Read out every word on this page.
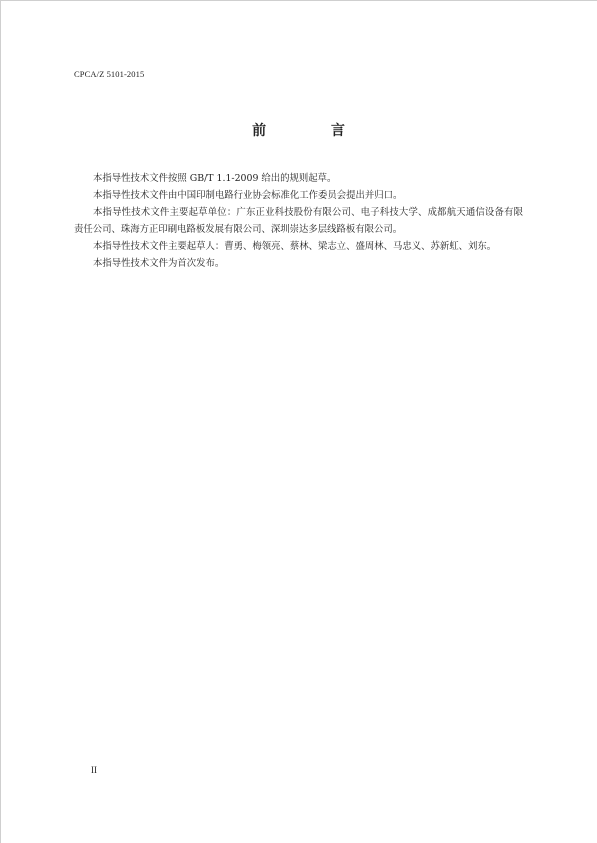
CPCA/Z 5101-2015
前 言

本指导性技术文件按照 GB/T 1.1-2009 给出的规则起草。

本指导性技术文件由中国印制电路行业协会标准化工作委员会提出并归口。

本指导性技术文件主要起草单位：广东正业科技股份有限公司、电子科技大学、成都航天通信设备有限责任公司、珠海方正印刷电路板发展有限公司、深圳崇达多层线路板有限公司。

本指导性技术文件主要起草人：曹勇、梅领亮、蔡林、梁志立、盛周林、马忠义、苏新虹、刘东。

本指导性技术文件为首次发布。

II
